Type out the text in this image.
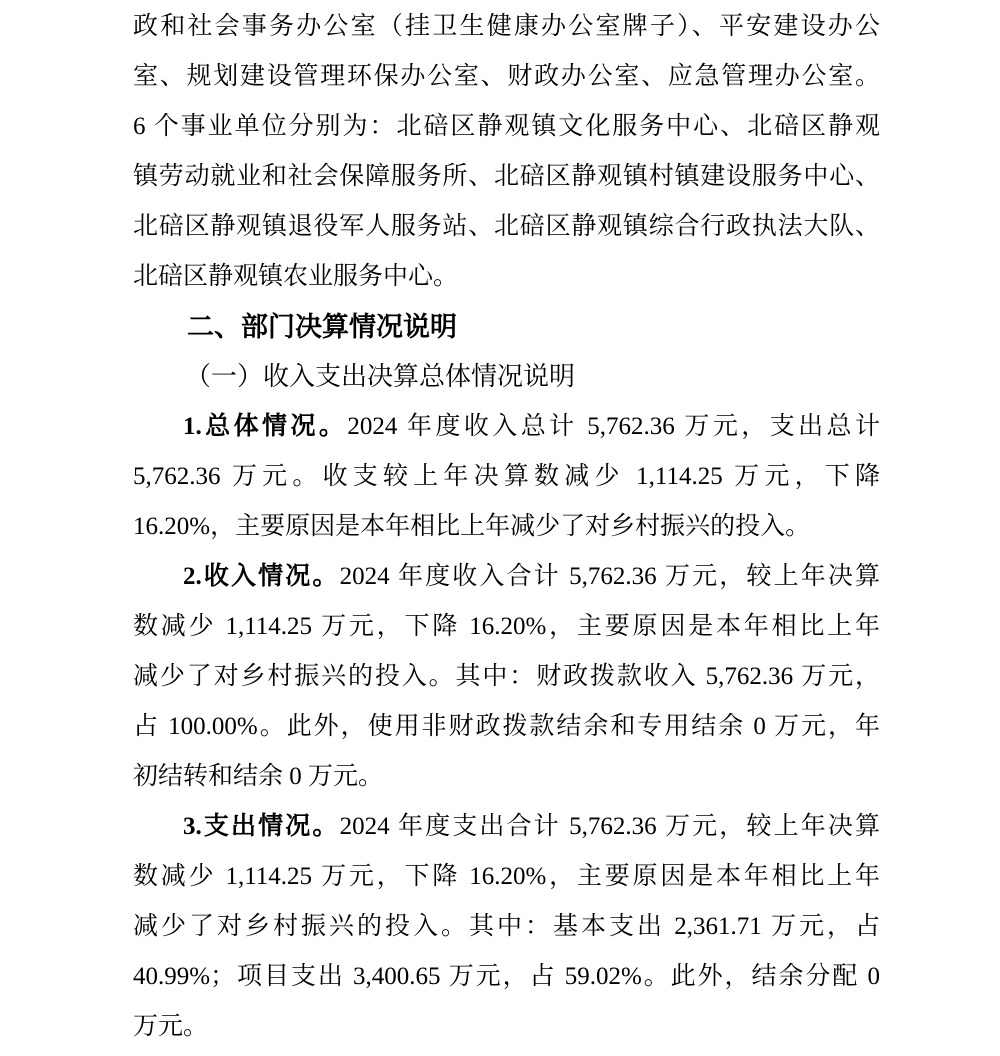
政和社会事务办公室（挂卫生健康办公室牌子）、平安建设办公
室、规划建设管理环保办公室、财政办公室、应急管理办公室。
6 个事业单位分别为：北碚区静观镇文化服务中心、北碚区静观
镇劳动就业和社会保障服务所、北碚区静观镇村镇建设服务中心、
北碚区静观镇退役军人服务站、北碚区静观镇综合行政执法大队、
北碚区静观镇农业服务中心。
二、部门决算情况说明
（一）收入支出决算总体情况说明
1.总体情况。2024 年度收入总计 5,762.36 万元，支出总计
5,762.36 万元。收支较上年决算数减少 1,114.25 万元，下降
16.20%，主要原因是本年相比上年减少了对乡村振兴的投入。
2.收入情况。2024 年度收入合计 5,762.36 万元，较上年决算
数减少 1,114.25 万元，下降 16.20%，主要原因是本年相比上年
减少了对乡村振兴的投入。其中：财政拨款收入 5,762.36 万元，
占 100.00%。此外，使用非财政拨款结余和专用结余 0 万元，年
初结转和结余 0 万元。
3.支出情况。2024 年度支出合计 5,762.36 万元，较上年决算
数减少 1,114.25 万元，下降 16.20%，主要原因是本年相比上年
减少了对乡村振兴的投入。其中：基本支出 2,361.71 万元，占
40.99%；项目支出 3,400.65 万元，占 59.02%。此外，结余分配 0
万元。
